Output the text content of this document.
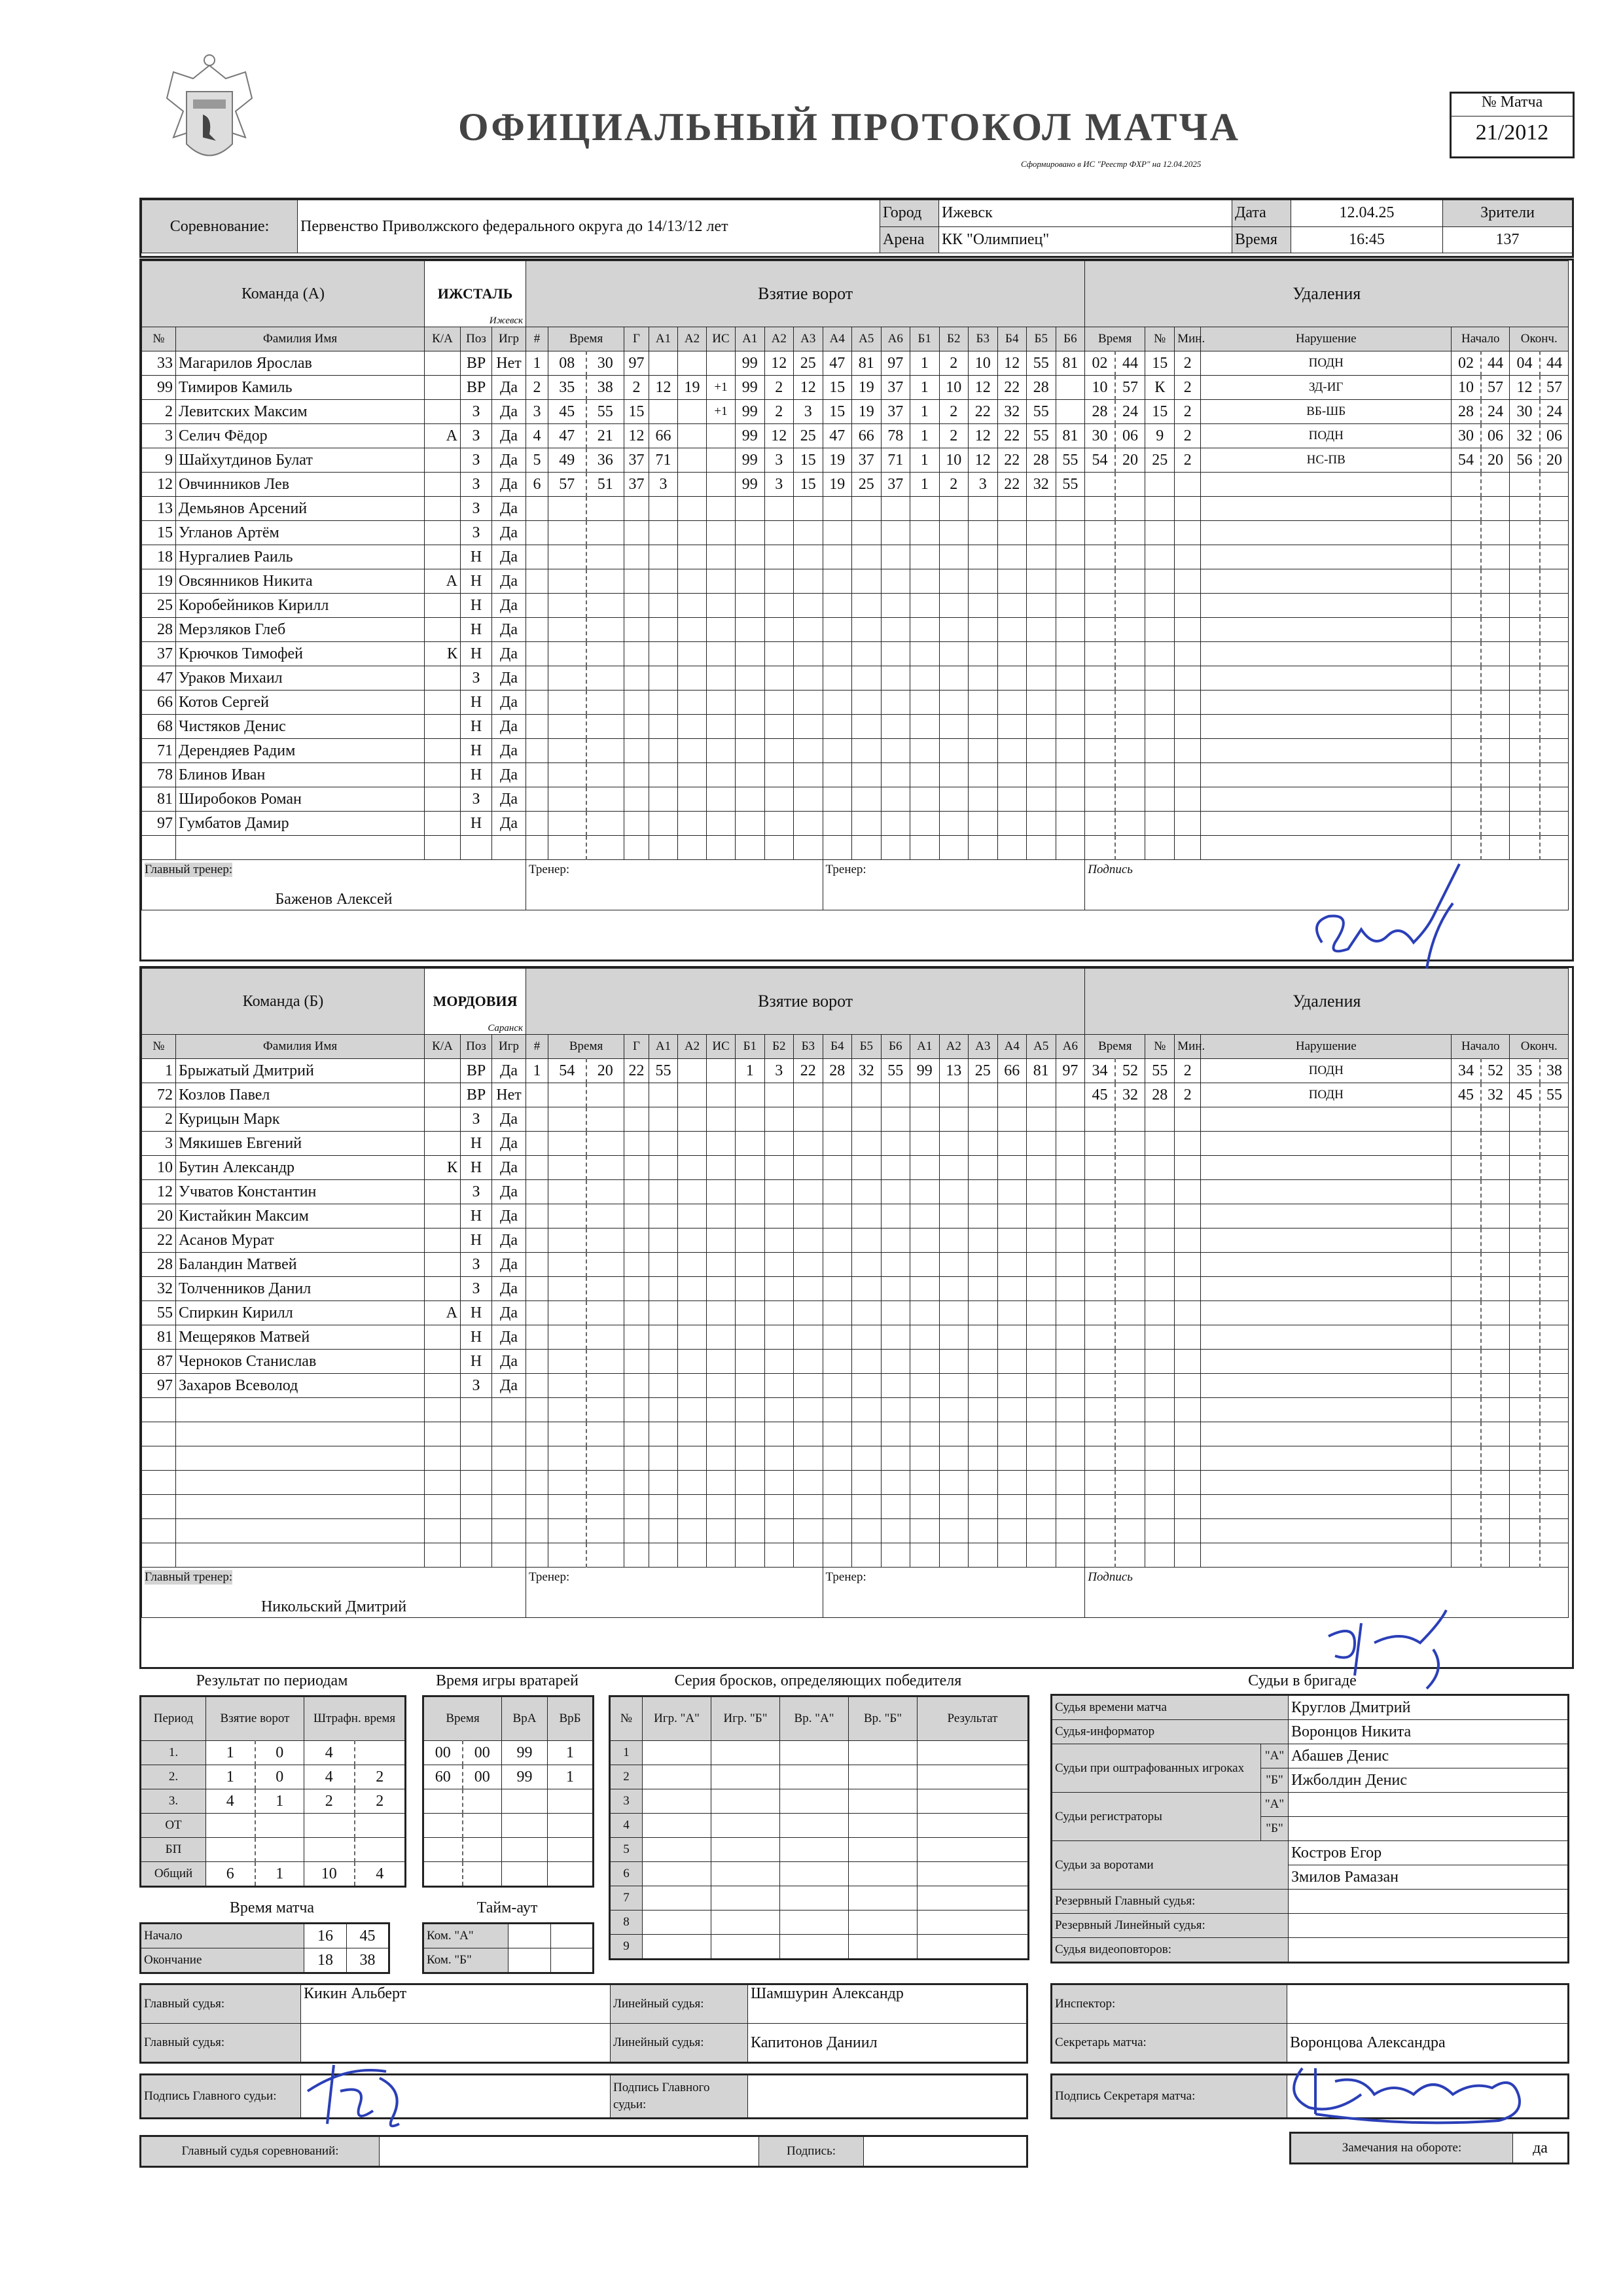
ОФИЦИАЛЬНЫЙ ПРОТОКОЛ МАТЧА
Сформировано в ИС "Реестр ФХР" на 12.04.2025
№ Матча
21/2012
Соревнование:	Первенство Приволжского федерального округа до 14/13/12 лет	Город	Ижевск	Дата	12.04.25	Зрители
		Арена	КК "Олимпиец"	Время	16:45	137
Команда (А)		ИЖСТАЛЬ
Ижевск			Взятие ворот																			Удаления								
№	Фамилия Имя	К/А	Поз	Игр	#	Время		Г	А1	А2	ИС	А1	А2	А3	А4	А5	А6	Б1	Б2	Б3	Б4	Б5	Б6	Время		№	Мин.	Нарушение	Начало		Оконч.	
33	Магарилов Ярослав		ВР	Нет	1	08	30	97				99	12	25	47	81	97	1	2	10	12	55	81	02	44	15	2	ПОДН	02	44	04	44
99	Тимиров Камиль		ВР	Да	2	35	38	2	12	19	+1	99	2	12	15	19	37	1	10	12	22	28		10	57	К	2	ЗД-ИГ	10	57	12	57
2	Левитских Максим		З	Да	3	45	55	15			+1	99	2	3	15	19	37	1	2	22	32	55		28	24	15	2	ВБ-ШБ	28	24	30	24
3	Селич Фёдор	А	З	Да	4	47	21	12	66			99	12	25	47	66	78	1	2	12	22	55	81	30	06	9	2	ПОДН	30	06	32	06
9	Шайхутдинов Булат		З	Да	5	49	36	37	71			99	3	15	19	37	71	1	10	12	22	28	55	54	20	25	2	НС-ПВ	54	20	56	20
12	Овчинников Лев		З	Да	6	57	51	37	3			99	3	15	19	25	37	1	2	3	22	32	55									
13	Демьянов Арсений		З	Да																												
15	Угланов Артём		З	Да																												
18	Нургалиев Раиль		Н	Да																												
19	Овсянников Никита	А	Н	Да																												
25	Коробейников Кирилл		Н	Да																												
28	Мерзляков Глеб		Н	Да																												
37	Крючков Тимофей	К	Н	Да																												
47	Ураков Михаил		З	Да																												
66	Котов Сергей		Н	Да																												
68	Чистяков Денис		Н	Да																												
71	Дерендяев Радим		Н	Да																												
78	Блинов Иван		Н	Да																												
81	Широбоков Роман		З	Да																												
97	Гумбатов Дамир		Н	Да																												

Главный тренер:
Баженов Алексей					Тренер:										Тренер:									Подпись								
Команда (Б)		МОРДОВИЯ
Саранск			Взятие ворот																			Удаления								
№	Фамилия Имя	К/А	Поз	Игр	#	Время		Г	А1	А2	ИС	Б1	Б2	Б3	Б4	Б5	Б6	А1	А2	А3	А4	А5	А6	Время		№	Мин.	Нарушение	Начало		Оконч.	
1	Брыжатый Дмитрий		ВР	Да	1	54	20	22	55			1	3	22	28	32	55	99	13	25	66	81	97	34	52	55	2	ПОДН	34	52	35	38
72	Козлов Павел		ВР	Нет																				45	32	28	2	ПОДН	45	32	45	55
2	Курицын Марк		З	Да																												
3	Мякишев Евгений		Н	Да																												
10	Бутин Александр	К	Н	Да																												
12	Учватов Константин		З	Да																												
20	Кистайкин Максим		Н	Да																												
22	Асанов Мурат		Н	Да																												
28	Баландин Матвей		З	Да																												
32	Толченников Данил		З	Да																												
55	Спиркин Кирилл	А	Н	Да																												
81	Мещеряков Матвей		Н	Да																												
87	Черноков Станислав		Н	Да																												
97	Захаров Всеволод		З	Да																												

Главный тренер:
Никольский Дмитрий					Тренер:										Тренер:									Подпись								
Результат по периодам
Период	Взятие ворот		Штрафн. время	
1.	1	0	4	
2.	1	0	4	2
3.	4	1	2	2
ОТ				
БП				
Общий	6	1	10	4
Время матча
Начало	16	45
Окончание	18	38
Время игры вратарей
Время		ВрА	ВрБ
00	00	99	1
60	00	99	1

Тайм-аут
Ком. "А"		
Ком. "Б"		
Серия бросков, определяющих победителя
№	Игр. "А"	Игр. "Б"	Вр. "А"	Вр. "Б"	Результат
1					
2					
3					
4					
5					
6					
7					
8					
9					
Судьи в бригаде
Судья времени матча		Круглов Дмитрий
Судья-информатор		Воронцов Никита
Судьи при оштрафованных игроках	"А"	Абашев Денис
	"Б"	Ижболдин Денис
Судьи регистраторы	"А"	
	"Б"	
Судьи за воротами		Костров Егор
		Змилов Рамазан
Резервный Главный судья:		
Резервный Линейный судья:		
Судья видеоповторов:		
Главный судья:	Кикин Альберт	Линейный судья:	Шамшурин Александр
Главный судья:		Линейный судья:	Капитонов Даниил
Инспектор:	
Секретарь матча:	Воронцова Александра
Подпись Главного судьи:		Подпись Главного судьи:	
Подпись Секретаря матча:	
Главный судья соревнований:		Подпись:		Замечания на обороте:	да
